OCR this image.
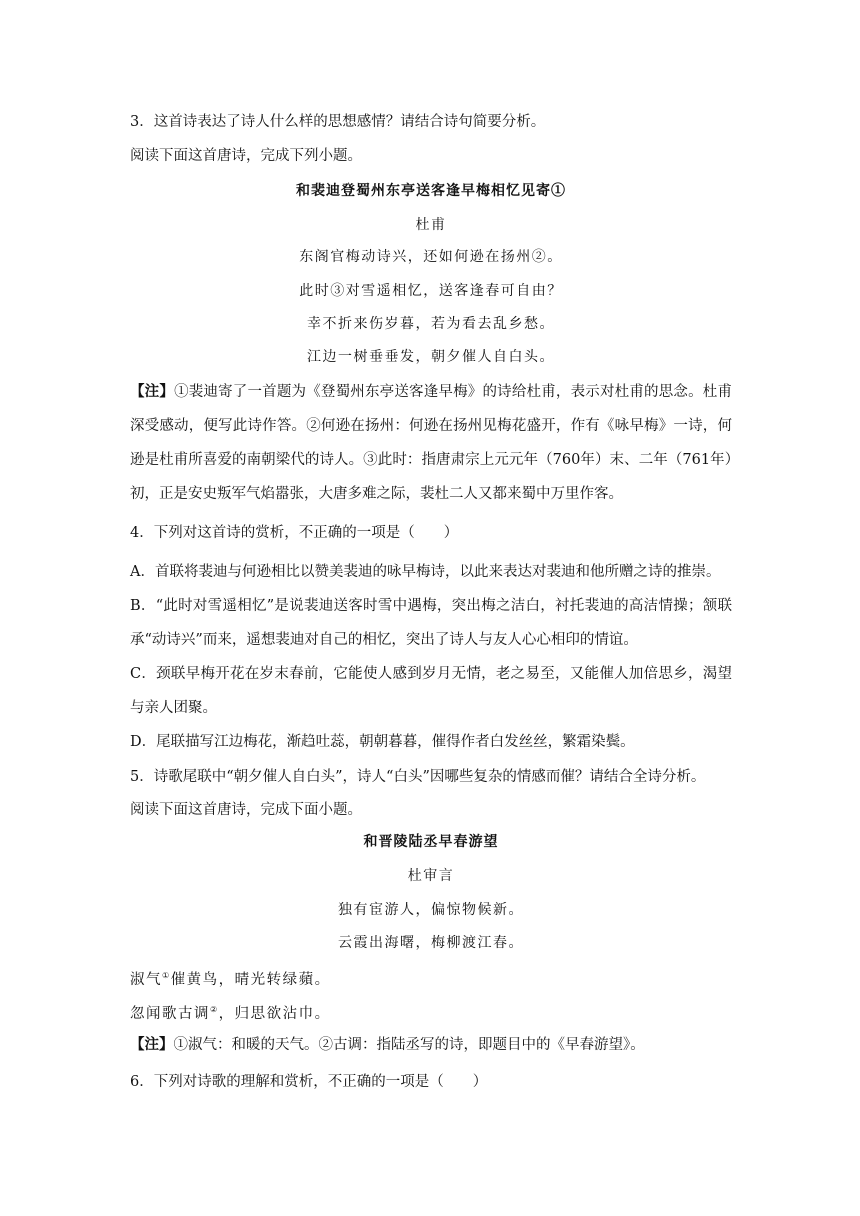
3．这首诗表达了诗人什么样的思想感情？请结合诗句简要分析。
阅读下面这首唐诗，完成下列小题。
和裴迪登蜀州东亭送客逢早梅相忆见寄①
杜甫
东阁官梅动诗兴，还如何逊在扬州②。
此时③对雪遥相忆，送客逢春可自由？
幸不折来伤岁暮，若为看去乱乡愁。
江边一树垂垂发，朝夕催人自白头。
【注】①裴迪寄了一首题为《登蜀州东亭送客逢早梅》的诗给杜甫，表示对杜甫的思念。杜甫深受感动，便写此诗作答。②何逊在扬州：何逊在扬州见梅花盛开，作有《咏早梅》一诗，何逊是杜甫所喜爱的南朝梁代的诗人。③此时：指唐肃宗上元元年（760年）末、二年（761年）初，正是安史叛军气焰嚣张，大唐多难之际，裴杜二人又都来蜀中万里作客。
4．下列对这首诗的赏析，不正确的一项是（　　）
A．首联将裴迪与何逊相比以赞美裴迪的咏早梅诗，以此来表达对裴迪和他所赠之诗的推崇。
B．“此时对雪遥相忆”是说裴迪送客时雪中遇梅，突出梅之洁白，衬托裴迪的高洁情操；颔联承“动诗兴”而来，遥想裴迪对自己的相忆，突出了诗人与友人心心相印的情谊。
C．颈联早梅开花在岁末春前，它能使人感到岁月无情，老之易至，又能催人加倍思乡，渴望与亲人团聚。
D．尾联描写江边梅花，渐趋吐蕊，朝朝暮暮，催得作者白发丝丝，繁霜染鬓。
5．诗歌尾联中“朝夕催人自白头”，诗人“白头”因哪些复杂的情感而催？请结合全诗分析。
阅读下面这首唐诗，完成下面小题。
和晋陵陆丞早春游望
杜审言
独有宦游人，偏惊物候新。
云霞出海曙，梅柳渡江春。
淑气①催黄鸟，晴光转绿蘋。
忽闻歌古调②，归思欲沾巾。
【注】①淑气：和暖的天气。②古调：指陆丞写的诗，即题目中的《早春游望》。
6．下列对诗歌的理解和赏析，不正确的一项是（　　）
